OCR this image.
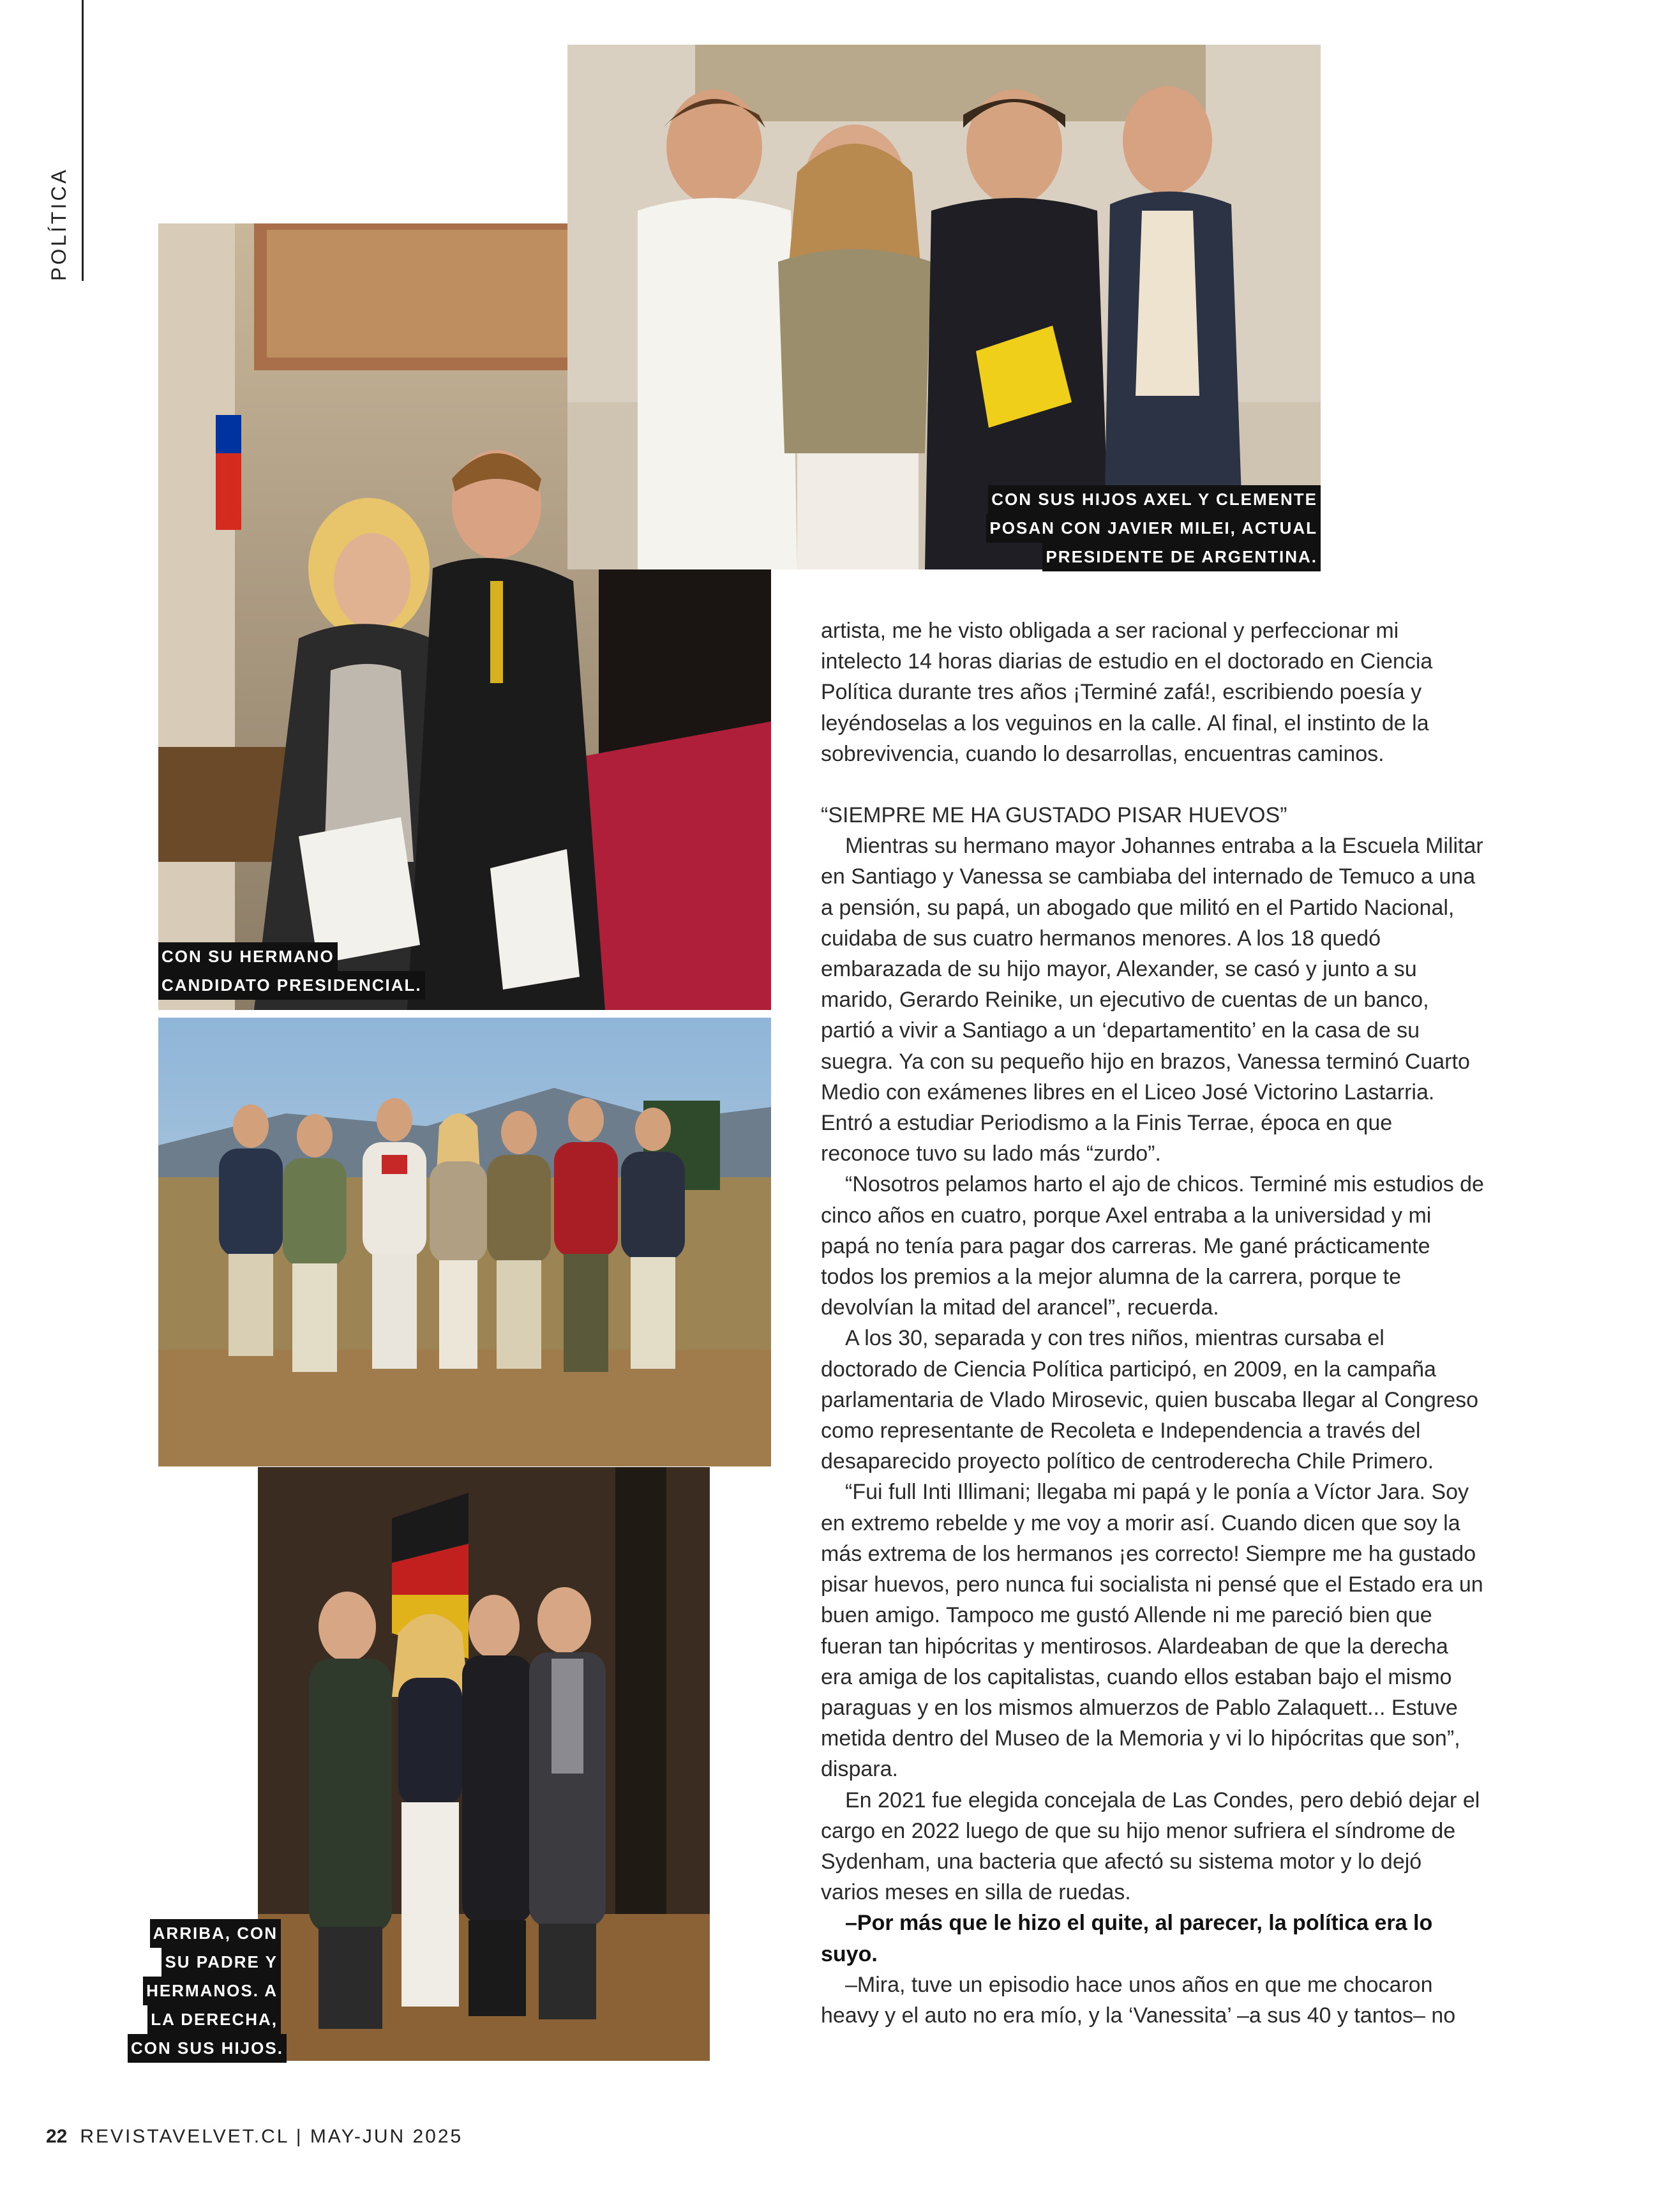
POLÍTICA
CON SUS HIJOS AXEL Y CLEMENTE
POSAN CON JAVIER MILEI, ACTUAL
PRESIDENTE DE ARGENTINA.
CON SU HERMANO
CANDIDATO PRESIDENCIAL.
ARRIBA, CON
SU PADRE Y
HERMANOS. A
LA DERECHA,
CON SUS HIJOS.

artista, me he visto obligada a ser racional y perfeccionar mi intelecto 14 horas diarias de estudio en el doctorado en Ciencia Política durante tres años ¡Terminé zafá!, escribiendo poesía y leyéndoselas a los veguinos en la calle. Al final, el instinto de la sobrevivencia, cuando lo desarrollas, encuentras caminos.

“SIEMPRE ME HA GUSTADO PISAR HUEVOS”

Mientras su hermano mayor Johannes entraba a la Escuela Militar en Santiago y Vanessa se cambiaba del internado de Temuco a una a pensión, su papá, un abogado que militó en el Partido Nacional, cuidaba de sus cuatro hermanos menores. A los 18 quedó embarazada de su hijo mayor, Alexander, se casó y junto a su marido, Gerardo Reinike, un ejecutivo de cuentas de un banco, partió a vivir a Santiago a un ‘departamentito’ en la casa de su suegra. Ya con su pequeño hijo en brazos, Vanessa terminó Cuarto Medio con exámenes libres en el Liceo José Victorino Lastarria. Entró a estudiar Periodismo a la Finis Terrae, época en que reconoce tuvo su lado más “zurdo”.

“Nosotros pelamos harto el ajo de chicos. Terminé mis estudios de cinco años en cuatro, porque Axel entraba a la universidad y mi papá no tenía para pagar dos carreras. Me gané prácticamente todos los premios a la mejor alumna de la carrera, porque te devolvían la mitad del arancel”, recuerda.

A los 30, separada y con tres niños, mientras cursaba el doctorado de Ciencia Política participó, en 2009, en la campaña parlamentaria de Vlado Mirosevic, quien buscaba llegar al Congreso como representante de Recoleta e Independencia a través del desaparecido proyecto político de centroderecha Chile Primero.

“Fui full Inti Illimani; llegaba mi papá y le ponía a Víctor Jara. Soy en extremo rebelde y me voy a morir así. Cuando dicen que soy la más extrema de los hermanos ¡es correcto! Siempre me ha gustado pisar huevos, pero nunca fui socialista ni pensé que el Estado era un buen amigo. Tampoco me gustó Allende ni me pareció bien que fueran tan hipócritas y mentirosos. Alardeaban de que la derecha era amiga de los capitalistas, cuando ellos estaban bajo el mismo paraguas y en los mismos almuerzos de Pablo Zalaquett... Estuve metida dentro del Museo de la Memoria y vi lo hipócritas que son”, dispara.

En 2021 fue elegida concejala de Las Condes, pero debió dejar el cargo en 2022 luego de que su hijo menor sufriera el síndrome de Sydenham, una bacteria que afectó su sistema motor y lo dejó varios meses en silla de ruedas.

–Por más que le hizo el quite, al parecer, la política era lo suyo.

–Mira, tuve un episodio hace unos años en que me chocaron heavy y el auto no era mío, y la ‘Vanessita’ –a sus 40 y tantos– no

22 REVISTAVELVET.CL | MAY-JUN 2025
